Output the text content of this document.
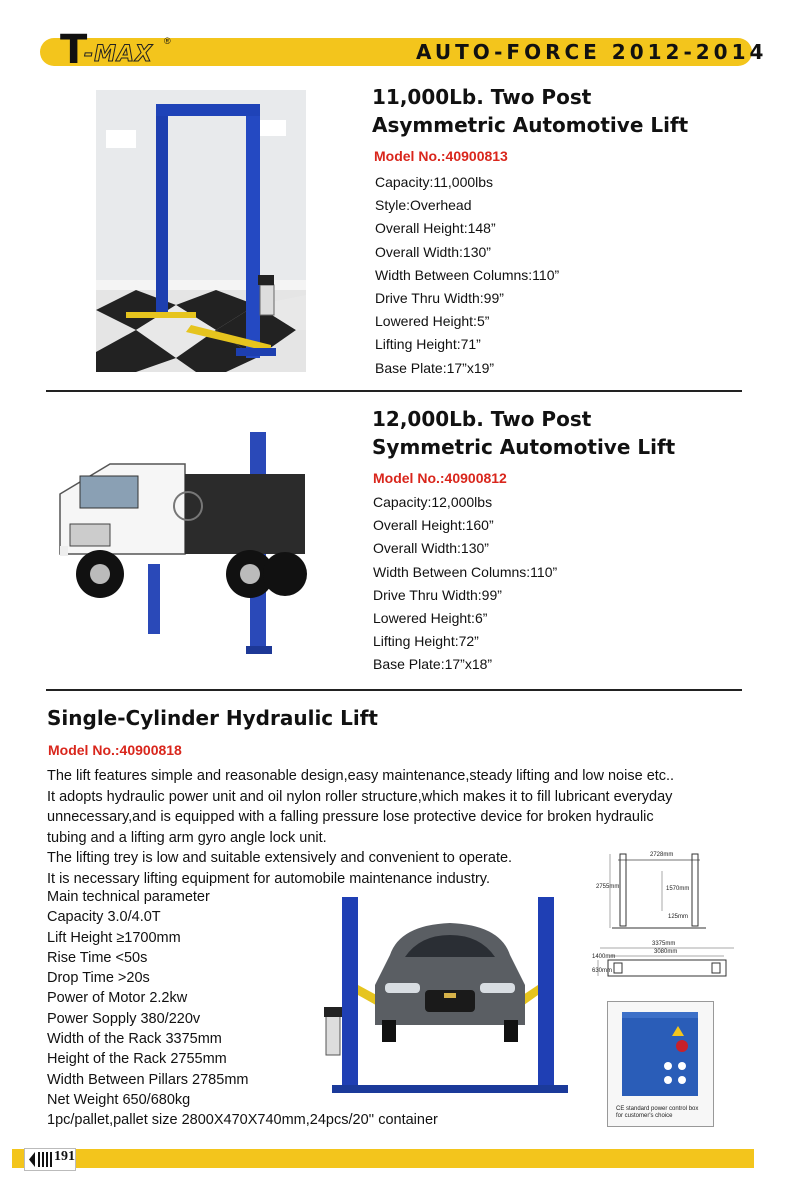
T
-MAX
®	AUTO-FORCE 2012-2014
11,000Lb. Two Post
Asymmetric Automotive Lift
Model No.:40900813
Capacity:11,000lbs
Style:Overhead
Overall Height:148”
Overall Width:130”
Width Between Columns:110”
Drive Thru Width:99”
Lowered Height:5”
Lifting Height:71”
Base Plate:17”x19”
12,000Lb. Two Post
Symmetric Automotive Lift
Model No.:40900812
Capacity:12,000lbs
Overall Height:160”
Overall Width:130”
Width Between Columns:110”
Drive Thru Width:99”
Lowered Height:6”
Lifting Height:72”
Base Plate:17”x18”
Single-Cylinder Hydraulic Lift
Model No.:40900818
The lift features simple and reasonable design,easy maintenance,steady lifting and low noise etc..
It adopts hydraulic power unit and oil nylon roller structure,which makes it to fill lubricant everyday
unnecessary,and is equipped with a falling pressure lose protective device for broken hydraulic
tubing and a lifting arm gyro angle lock unit.
The lifting trey is low and suitable extensively and convenient to operate.
It is necessary lifting equipment for automobile maintenance industry.
Main technical parameter
Capacity 3.0/4.0T
Lift Height ≥1700mm
Rise Time <50s
Drop Time >20s
Power of Motor 2.2kw
Power Sopply 380/220v
Width of the Rack 3375mm
Height of the Rack 2755mm
Width Between Pillars 2785mm
Net Weight 650/680kg
1pc/pallet,pallet size 2800X470X740mm,24pcs/20'' container
2728mm
2755mm	1570mm
125mm
3375mm
3080mm
1400mm
630mm
CE standard power control box
for customer's choice
191
